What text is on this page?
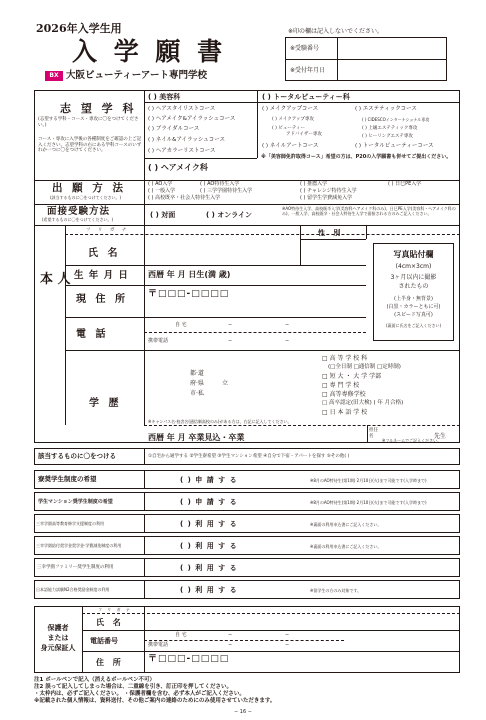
2026年入学生用
入 学 願 書
BX 大阪ビューティーアート専門学校
※印の欄は記入しないでください。
※受験番号
※受付年月日
志 望 学 科
(志望する学科・コース・専攻に〇をつけてください。)
コース・専攻に入学後の各種制度をご確認の上ご記入ください。志望学科の右にある学科コースのいずれか一つに〇をつけてください。
( ) 美容科
( ) ヘアスタイリストコース
( ) ヘアメイク&アイラッシュコース
( ) ブライダルコース
( ) ネイル&アイラッシュコース
( ) ヘアカラーリストコース
( ) ヘアメイク科
( ) トータルビューティー科
( ) メイクアップコース
( ) メイクアップ専攻
( ) ビューティー
アドバイザー専攻
( ) ネイルアートコース
( ) エステティックコース
( ) CIDESCOインターナショナル専攻
( ) 上級エステティック専攻
( ) ヒーリングエステ専攻
( ) トータルビューティーコース
※「美容師免許取得コース」希望の方は、P20の入学願書も併せてご提出ください。
出 願 方 法
(該当するものに〇をつけてください。)
( ) AO入学	( ) AO特待生入学	( ) 推薦入学	( ) 日巳PE入学
( ) 一般入学	( ) 三学学園特待生入学	( ) チャレンジ特待生入学
( ) 高校既卒・社会人特待生入学	( ) 留学生学費減免入学
面接受験方法
(希望するものに〇をつけてください。)
( ) 対面	( ) オンライン
※AO特待生入学、高校既卒入学(美容科ヘアメイク科のみ)、日巳PE入学(美容科・ヘアメイク科のみ)、一般入学、高校既卒・社会人特待生入学で面接される方のみご記入ください。
本 人
フ リ ガ ナ	性 別
氏 名
生 年 月 日 西暦 年 月 日生(満 歳)
現 住 所 〒□□□-□□□□
電 話
自 宅	−	−
携帯電話	−	−
写真貼付欄
(4cm×3cm)
3ヶ月以内に撮影
されたもの
(上半身・無背景)
(白黒・カラーともに可)
(スピード写真可)
(裏面に氏名をご記入ください)
学 歴
都·道
府·県	立
市·私
□ 高 等 学 校 科
(□全日制 □通信制 □定時制)
□ 短 大 ・ 大 学 学部
□ 専 門 学 校
□ 高等専修学校
□ 高卒認定(旧大検) ( 年 月合格)
□ 日 本 語 学 校
※キャンパス名·校舎名(通信制高校のみ)がある方は、右記に記入してください。
西暦 年 月 卒業見込・卒業
担任名	先生
※フルネームでご記入ください。
該当するものに〇をつける	①自宅から通学する ②学生寮希望 ③学生マンション希望 ④自分で下宿・アパートを探す ⑤その他( )
寮奨学生制度の希望	( ) 申 請 す る	※8月のAO特待生(第1期) 2月10日(火)まで可能です(入学時まで)
学生マンション奨学生制度の希望	( ) 申 請 す る	※8月のAO特待生(第1期) 2月10日(火)まで可能です(入学時まで)
三幸学園高等教育修学支援制度の利用	( ) 利 用 す る	※裏面の利用申込書にご記入ください。
三幸学園給付奨学金奨学金·学費減免制度の利用	( ) 利 用 す る	※裏面の利用申込書にご記入ください。
三幸学園ファミリー奨学生制度の利用	( ) 利 用 す る
日本語能力試験N2合格奨励金制度の利用	( ) 利 用 す る	※留学生の方のみ対象です。
保護者
または
身元保証人
フ リ ガ ナ
氏 名
電話番号
自 宅	−	−
携帯電話	−	−
住 所	〒□□□-□□□□
注1 ボールペンで記入（消えるボールペン不可）
注2 誤って記入してしまった場合は、二重線を引き、訂正印を押してください。
・太枠内は、必ずご記入ください。 ・保護者欄を含む、必ず本人がご記入ください。
※記載された個人情報は、資料送付、その他ご案内の連絡のためにのみ使用させていただきます。
− 16 −
